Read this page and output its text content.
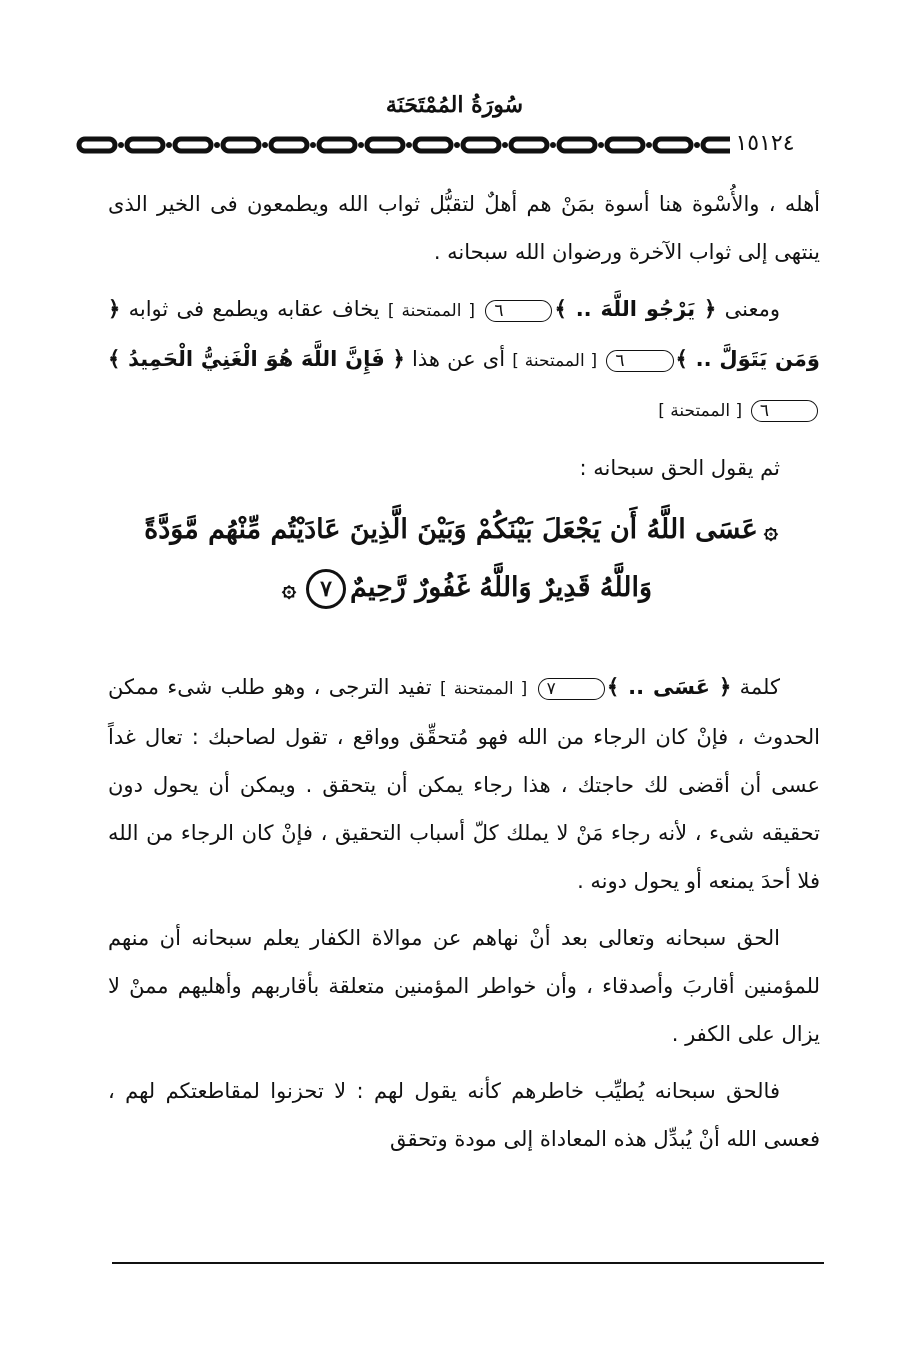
سُورَةُ المُمْتَحَنَة
١٥١٢٤

أهله ، والأُسْوة هنا أسوة بمَنْ هم أهلٌ لتقبُّل ثواب الله ويطمعون فى الخير الذى ينتهى إلى ثواب الآخرة ورضوان الله سبحانه .

ومعنى ﴿ يَرْجُو اللَّهَ .. ﴾٦ [ الممتحنة ] يخاف عقابه ويطمع فى ثوابه ﴿ وَمَن يَتَوَلَّ .. ﴾٦ [ الممتحنة ] أى عن هذا ﴿ فَإِنَّ اللَّهَ هُوَ الْغَنِيُّ الْحَمِيدُ ﴾٦ [ الممتحنة ]

ثم يقول الحق سبحانه :

۞عَسَى اللَّهُ أَن يَجْعَلَ بَيْنَكُمْ وَبَيْنَ الَّذِينَ عَادَيْتُم مِّنْهُم مَّوَدَّةً
وَاللَّهُ قَدِيرٌ وَاللَّهُ غَفُورٌ رَّحِيمٌ٧۞

كلمة ﴿ عَسَى .. ﴾٧ [ الممتحنة ] تفيد الترجى ، وهو طلب شىء ممكن الحدوث ، فإنْ كان الرجاء من الله فهو مُتحقِّق وواقع ، تقول لصاحبك : تعال غداً عسى أن أقضى لك حاجتك ، هذا رجاء يمكن أن يتحقق . ويمكن أن يحول دون تحقيقه شىء ، لأنه رجاء مَنْ لا يملك كلّ أسباب التحقيق ، فإنْ كان الرجاء من الله فلا أحدَ يمنعه أو يحول دونه .

الحق سبحانه وتعالى بعد أنْ نهاهم عن موالاة الكفار يعلم سبحانه أن منهم للمؤمنين أقاربَ وأصدقاء ، وأن خواطر المؤمنين متعلقة بأقاربهم وأهليهم ممنْ لا يزال على الكفر .

فالحق سبحانه يُطيِّب خاطرهم كأنه يقول لهم : لا تحزنوا لمقاطعتكم لهم ، فعسى الله أنْ يُبدِّل هذه المعاداة إلى مودة وتحقق
